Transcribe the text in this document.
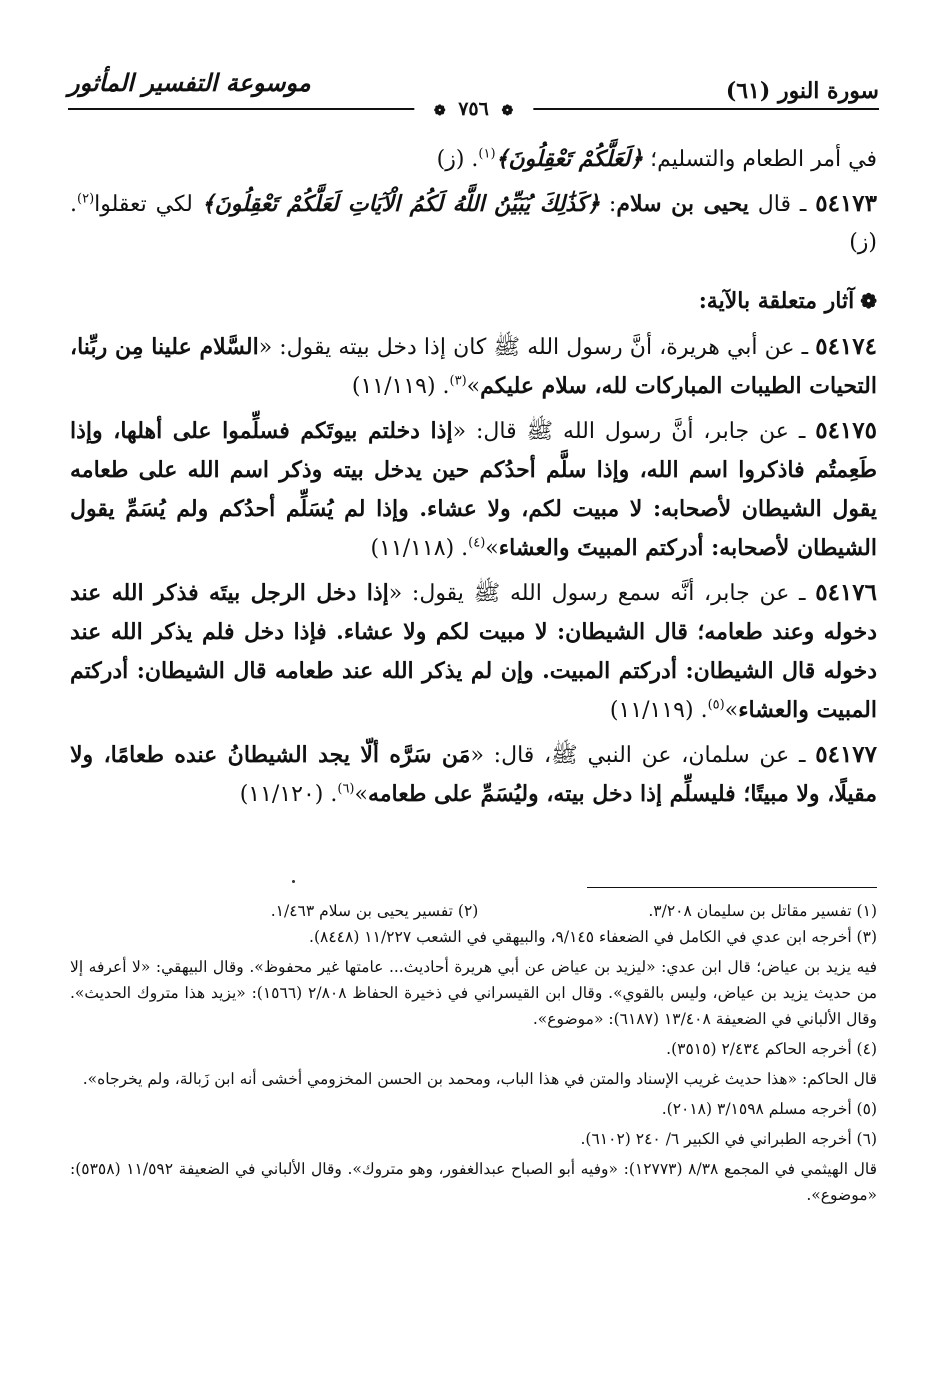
سورة النور (٦١)
موسوعة التفسير المأثور
❁ ٧٥٦ ❁

في أمر الطعام والتسليم؛ ﴿لَعَلَّكُمْ تَعْقِلُونَ﴾$^{(١)}$. (ز)

٥٤١٧٣ ـ قال يحيى بن سلام: ﴿كَذَٰلِكَ يُبَيِّنُ اللَّهُ لَكُمُ الْآيَاتِ لَعَلَّكُمْ تَعْقِلُونَ﴾ لكي تعقلوا$^{(٢)}$. (ز)

❁آثار متعلقة بالآية:

٥٤١٧٤ ـ عن أبي هريرة، أنَّ رسول الله ﷺ كان إذا دخل بيته يقول: «السَّلام علينا مِن ربِّنا، التحيات الطيبات المباركات لله، سلام عليكم»$^{(٣)}$. (١١/١١٩)

٥٤١٧٥ ـ عن جابر، أنَّ رسول الله ﷺ قال: «إذا دخلتم بيوتَكم فسلِّموا على أهلها، وإذا طَعِمتُم فاذكروا اسم الله، وإذا سلَّم أحدُكم حين يدخل بيته وذكر اسم الله على طعامه يقول الشيطان لأصحابه: لا مبيت لكم، ولا عشاء. وإذا لم يُسَلِّم أحدُكم ولم يُسَمِّ يقول الشيطان لأصحابه: أدركتم المبيتَ والعشاء»$^{(٤)}$. (١١/١١٨)

٥٤١٧٦ ـ عن جابر، أنَّه سمع رسول الله ﷺ يقول: «إذا دخل الرجل بيتَه فذكر الله عند دخوله وعند طعامه؛ قال الشيطان: لا مبيت لكم ولا عشاء. فإذا دخل فلم يذكر الله عند دخوله قال الشيطان: أدركتم المبيت. وإن لم يذكر الله عند طعامه قال الشيطان: أدركتم المبيت والعشاء»$^{(٥)}$. (١١/١١٩)

٥٤١٧٧ ـ عن سلمان، عن النبي ﷺ، قال: «مَن سَرَّه ألّا يجد الشيطانُ عنده طعامًا، ولا مقيلًا، ولا مبيتًا؛ فليسلِّم إذا دخل بيته، وليُسَمِّ على طعامه»$^{(٦)}$. (١١/١٢٠)

(١) تفسير مقاتل بن سليمان ٣/٢٠٨.
(٢) تفسير يحيى بن سلام ١/٤٦٣.

(٣) أخرجه ابن عدي في الكامل في الضعفاء ٩/١٤٥، والبيهقي في الشعب ١١/٢٢٧ (٨٤٤٨).

فيه يزيد بن عياض؛ قال ابن عدي: «ليزيد بن عياض عن أبي هريرة أحاديث... عامتها غير محفوظ». وقال البيهقي: «لا أعرفه إلا من حديث يزيد بن عياض، وليس بالقوي». وقال ابن القيسراني في ذخيرة الحفاظ ٢/٨٠٨ (١٥٦٦): «يزيد هذا متروك الحديث». وقال الألباني في الضعيفة ١٣/٤٠٨ (٦١٨٧): «موضوع».

(٤) أخرجه الحاكم ٢/٤٣٤ (٣٥١٥).

قال الحاكم: «هذا حديث غريب الإسناد والمتن في هذا الباب، ومحمد بن الحسن المخزومي أخشى أنه ابن زَبالة، ولم يخرجاه».

(٥) أخرجه مسلم ٣/١٥٩٨ (٢٠١٨).

(٦) أخرجه الطبراني في الكبير ٦/ ٢٤٠ (٦١٠٢).

قال الهيثمي في المجمع ٨/٣٨ (١٢٧٧٣): «وفيه أبو الصباح عبدالغفور، وهو متروك». وقال الألباني في الضعيفة ١١/٥٩٢ (٥٣٥٨): «موضوع».
